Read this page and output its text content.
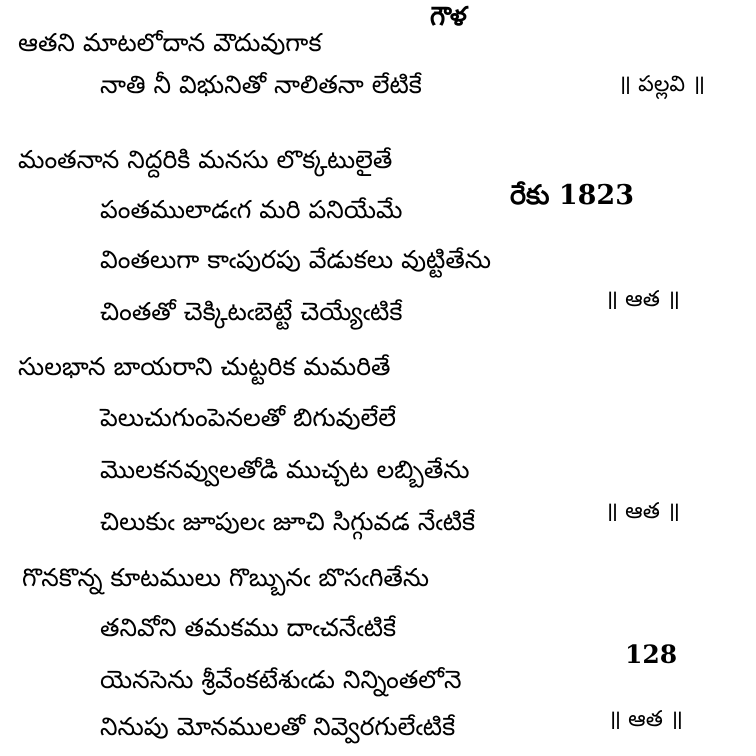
గౌళ
రేకు 1823
128
ఆతని మాటలోదాన వౌదువుగాక
నాతి నీ విభునితో నాలితనా లేటికే	॥ పల్లవి ॥
మంతనాన నిద్దరికి మనసు లొక్కటులైతే
పంతములాడఁగ మరి పనియేమే
వింతలుగా కాఁపురపు వేడుకలు వుట్టితేను
చింతతో చెక్కిటఁబెట్టే చెయ్యేఁటికే	॥ ఆత ॥
సులభాన బాయరాని చుట్టరిక మమరితే
పెలుచుగుంపెనలతో బిగువులేలే
మొలకనవ్వులతోడి ముచ్చట లబ్బితేను
చిలుకుఁ జూపులఁ జూచి సిగ్గువడ నేఁటికే	॥ ఆత ॥
గొనకొన్న కూటములు గొబ్బునఁ బొసఁగితేను
తనివోని తమకము దాఁచనేఁటికే
యెనసెను శ్రీవేంకటేశుఁడు నిన్నింతలోనె
నినుపు మోనములతో నివ్వెరగులేఁటికే	॥ ఆత ॥
